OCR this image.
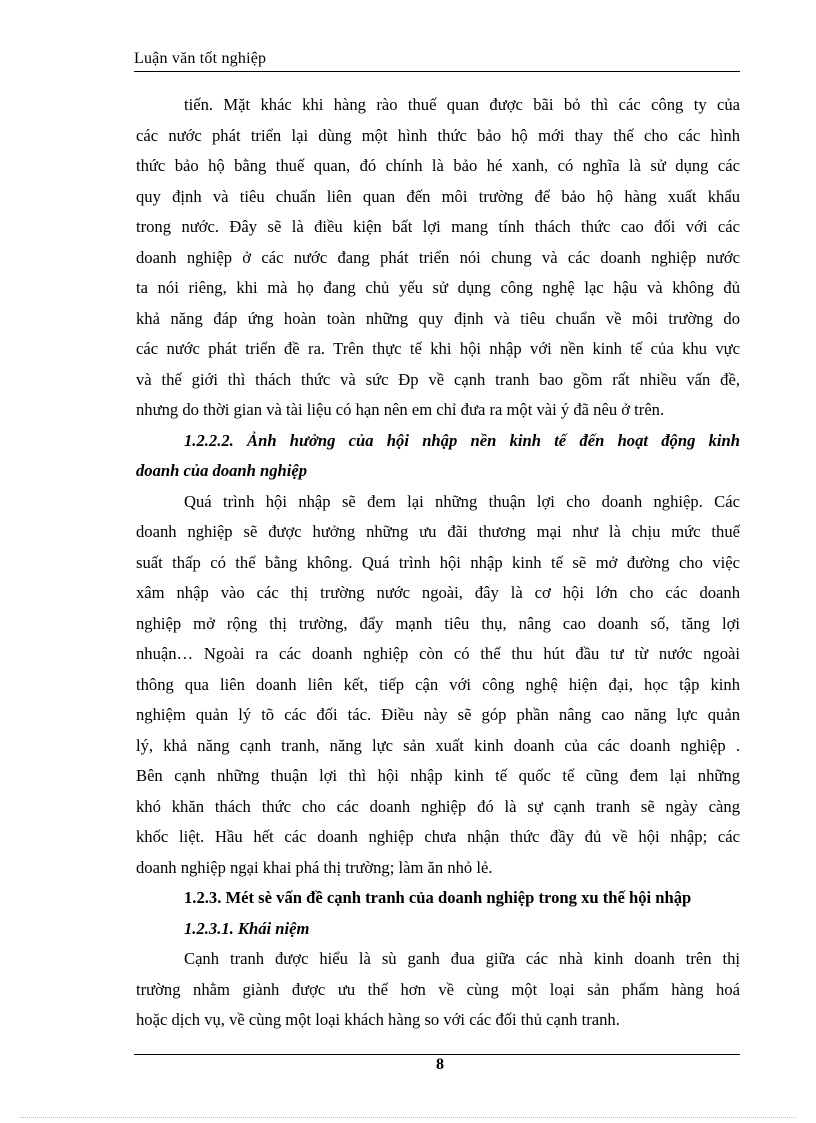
Luận văn tốt nghiệp
tiến. Mặt khác khi hàng rào thuế quan được bãi bỏ thì các công ty của
các nước phát triển lại dùng một hình thức bảo hộ mới thay thế cho các hình
thức bảo hộ bằng thuế quan, đó chính là bảo hé xanh, có nghĩa là sử dụng các
quy định và tiêu chuẩn liên quan đến môi trường để bảo hộ hàng xuất khẩu
trong nước. Đây sẽ là điều kiện bất lợi mang tính thách thức cao đối với các
doanh nghiệp ở các nước đang phát triển nói chung và các doanh nghiệp nước
ta nói riêng, khi mà họ đang chủ yếu sử dụng công nghệ lạc hậu và không đủ
khả năng đáp ứng hoàn toàn những quy định và tiêu chuẩn về môi trường do
các nước phát triển đề ra. Trên thực tế khi hội nhập với nền kinh tế của khu vực
và thế giới thì thách thức và sức Đp về cạnh tranh bao gồm rất nhiều vấn đề,
nhưng do thời gian và tài liệu có hạn nên em chỉ đưa ra một vài ý đã nêu ở trên.
1.2.2.2. Ảnh hưởng của hội nhập nền kinh tế đến hoạt động kinh
doanh của doanh nghiệp
Quá trình hội nhập sẽ đem lại những thuận lợi cho doanh nghiệp. Các
doanh nghiệp sẽ được hưởng những ưu đãi thương mại như là chịu mức thuế
suất thấp có thể bằng không. Quá trình hội nhập kinh tế sẽ mở đường cho việc
xâm nhập vào các thị trường nước ngoài, đây là cơ hội lớn cho các doanh
nghiệp mở rộng thị trường, đẩy mạnh tiêu thụ, nâng cao doanh số, tăng lợi
nhuận… Ngoài ra các doanh nghiệp còn có thể thu hút đầu tư từ nước ngoài
thông qua liên doanh liên kết, tiếp cận với công nghệ hiện đại, học tập kinh
nghiệm quản lý tõ các đối tác. Điều này sẽ góp phần nâng cao năng lực quản
lý, khả năng cạnh tranh, năng lực sản xuất kinh doanh của các doanh nghiệp .
Bên cạnh những thuận lợi thì hội nhập kinh tế quốc tế cũng đem lại những
khó khăn thách thức cho các doanh nghiệp đó là sự cạnh tranh sẽ ngày càng
khốc liệt. Hầu hết các doanh nghiệp chưa nhận thức đầy đủ về hội nhập; các
doanh nghiệp ngại khai phá thị trường; làm ăn nhỏ lẻ.
1.2.3. Mét sè vấn đề cạnh tranh của doanh nghiệp trong xu thế hội nhập
1.2.3.1. Khái niệm
Cạnh tranh được hiểu là sù ganh đua giữa các nhà kinh doanh trên thị
trường nhằm giành được ưu thế hơn về cùng một loại sản phẩm hàng hoá
hoặc dịch vụ, về cùng một loại khách hàng so với các đối thủ cạnh tranh.
8
